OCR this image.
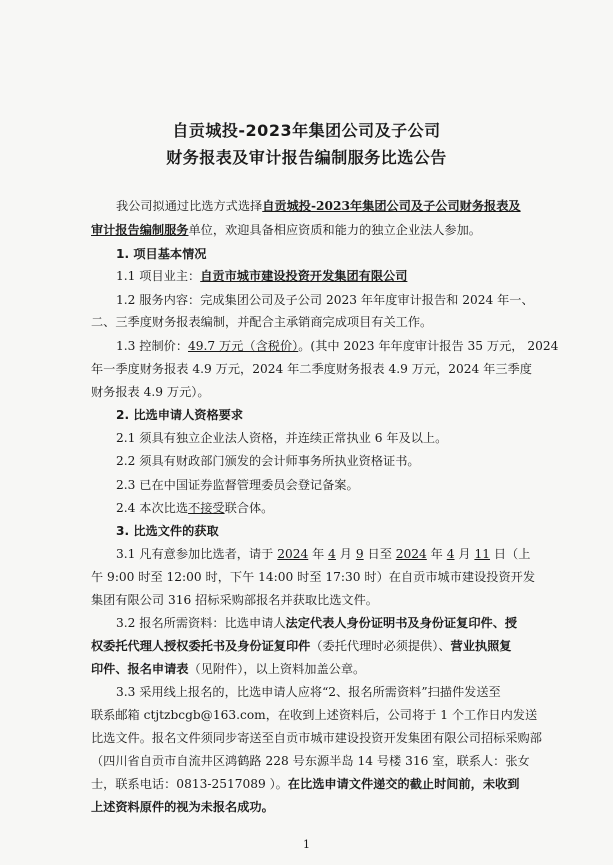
自贡城投-2023年集团公司及子公司
财务报表及审计报告编制服务比选公告
我公司拟通过比选方式选择自贡城投-2023年集团公司及子公司财务报表及
审计报告编制服务单位，欢迎具备相应资质和能力的独立企业法人参加。
1. 项目基本情况
1.1 项目业主：自贡市城市建设投资开发集团有限公司
1.2 服务内容：完成集团公司及子公司 2023 年年度审计报告和 2024 年一、
二、三季度财务报表编制，并配合主承销商完成项目有关工作。
1.3 控制价：49.7 万元（含税价）。(其中 2023 年年度审计报告 35 万元， 2024
年一季度财务报表 4.9 万元，2024 年二季度财务报表 4.9 万元，2024 年三季度
财务报表 4.9 万元）。
2. 比选申请人资格要求
2.1 须具有独立企业法人资格，并连续正常执业 6 年及以上。
2.2 须具有财政部门颁发的会计师事务所执业资格证书。
2.3 已在中国证券监督管理委员会登记备案。
2.4 本次比选不接受联合体。
3. 比选文件的获取
3.1 凡有意参加比选者，请于 2024 年 4 月 9 日至 2024 年 4 月 11 日（上
午 9:00 时至 12:00 时，下午 14:00 时至 17:30 时）在自贡市城市建设投资开发
集团有限公司 316 招标采购部报名并获取比选文件。
3.2 报名所需资料：比选申请人法定代表人身份证明书及身份证复印件、授
权委托代理人授权委托书及身份证复印件（委托代理时必须提供）、营业执照复
印件、报名申请表（见附件），以上资料加盖公章。
3.3 采用线上报名的，比选申请人应将“2、报名所需资料”扫描件发送至
联系邮箱 ctjtzbcgb@163.com，在收到上述资料后，公司将于 1 个工作日内发送
比选文件。报名文件须同步寄送至自贡市城市建设投资开发集团有限公司招标采购部
（四川省自贡市自流井区鸿鹤路 228 号东源半岛 14 号楼 316 室，联系人：张女
士，联系电话：0813-2517089 ）。在比选申请文件递交的截止时间前，未收到
上述资料原件的视为未报名成功。
1
